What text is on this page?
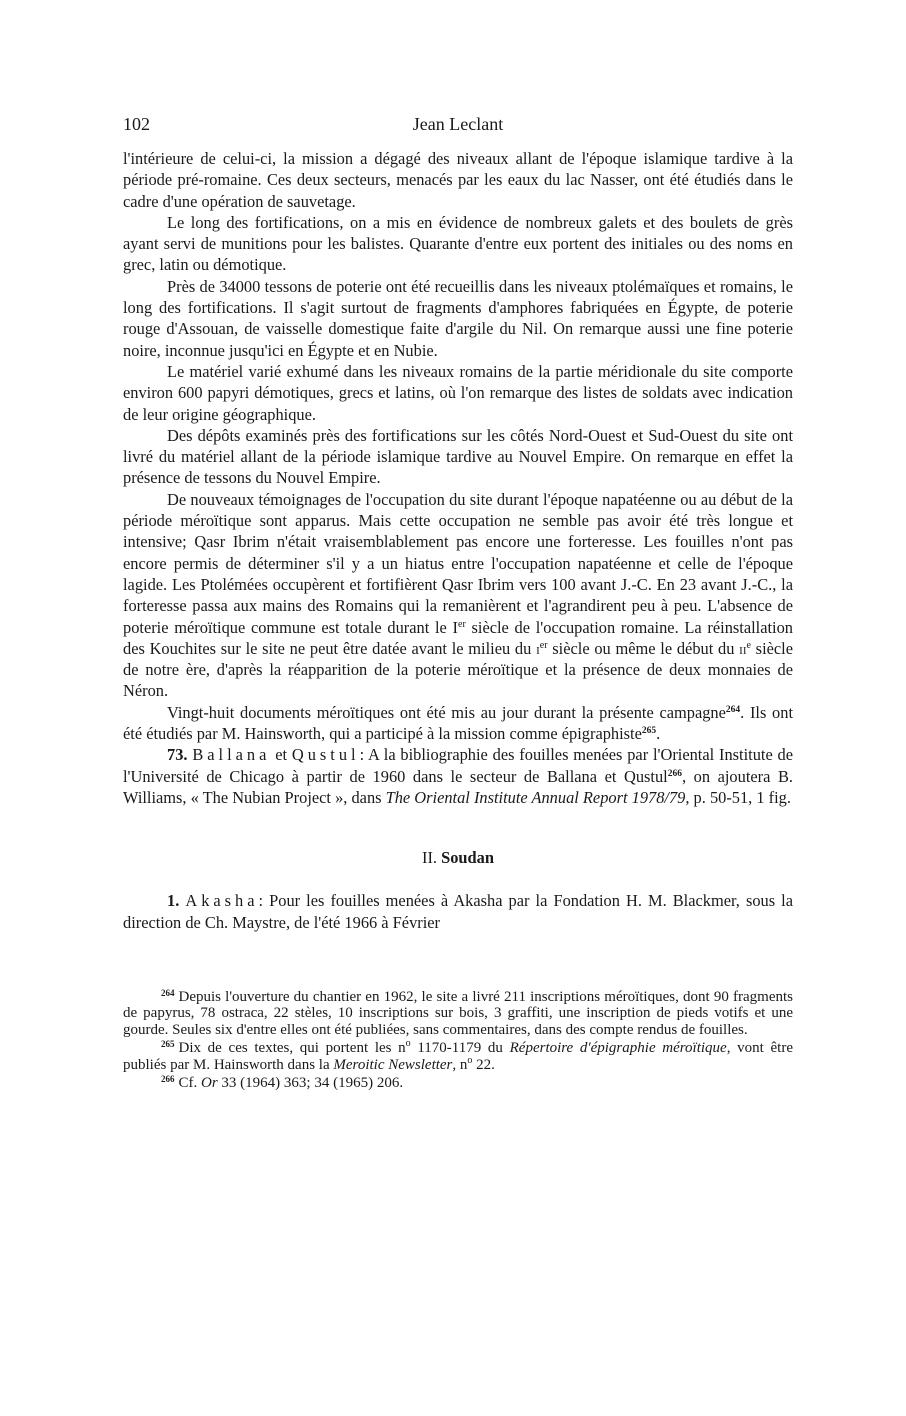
102	Jean Leclant

l'intérieure de celui-ci, la mission a dégagé des niveaux allant de l'époque islamique tardive à la période pré-romaine. Ces deux secteurs, menacés par les eaux du lac Nasser, ont été étudiés dans le cadre d'une opération de sauvetage.

Le long des fortifications, on a mis en évidence de nombreux galets et des boulets de grès ayant servi de munitions pour les balistes. Quarante d'entre eux portent des initiales ou des noms en grec, latin ou démotique.

Près de 34000 tessons de poterie ont été recueillis dans les niveaux ptolémaïques et romains, le long des fortifications. Il s'agit surtout de fragments d'amphores fabriquées en Égypte, de poterie rouge d'Assouan, de vaisselle domestique faite d'argile du Nil. On remarque aussi une fine poterie noire, inconnue jusqu'ici en Égypte et en Nubie.

Le matériel varié exhumé dans les niveaux romains de la partie méridionale du site comporte environ 600 papyri démotiques, grecs et latins, où l'on remarque des listes de soldats avec indication de leur origine géographique.

Des dépôts examinés près des fortifications sur les côtés Nord-Ouest et Sud-Ouest du site ont livré du matériel allant de la période islamique tardive au Nouvel Empire. On remarque en effet la présence de tessons du Nouvel Empire.

De nouveaux témoignages de l'occupation du site durant l'époque napatéenne ou au début de la période méroïtique sont apparus. Mais cette occupation ne semble pas avoir été très longue et intensive; Qasr Ibrim n'était vraisemblablement pas encore une forteresse. Les fouilles n'ont pas encore permis de déterminer s'il y a un hiatus entre l'occupation napatéenne et celle de l'époque lagide. Les Ptolémées occupèrent et fortifièrent Qasr Ibrim vers 100 avant J.-C. En 23 avant J.-C., la forteresse passa aux mains des Romains qui la remanièrent et l'agrandirent peu à peu. L'absence de poterie méroïtique commune est totale durant le Ier siècle de l'occupation romaine. La réinstallation des Kouchites sur le site ne peut être datée avant le milieu du $i^{er}$ siècle ou même le début du $ii^e$ siècle de notre ère, d'après la réapparition de la poterie méroïtique et la présence de deux monnaies de Néron.

Vingt-huit documents méroïtiques ont été mis au jour durant la présente campagne$^{264}$. Ils ont été étudiés par M. Hainsworth, qui a participé à la mission comme épigraphiste$^{265}$.

73. Ballana et Qustul: A la bibliographie des fouilles menées par l'Oriental Institute de l'Université de Chicago à partir de 1960 dans le secteur de Ballana et Qustul$^{266}$, on ajoutera B. Williams, « The Nubian Project », dans The Oriental Institute Annual Report 1978/79, p. 50-51, 1 fig.

II. Soudan

1. Akasha: Pour les fouilles menées à Akasha par la Fondation H. M. Blackmer, sous la direction de Ch. Maystre, de l'été 1966 à Février

$^{264}$ Depuis l'ouverture du chantier en 1962, le site a livré 211 inscriptions méroïtiques, dont 90 fragments de papyrus, 78 ostraca, 22 stèles, 10 inscriptions sur bois, 3 graffiti, une inscription de pieds votifs et une gourde. Seules six d'entre elles ont été publiées, sans commentaires, dans des compte rendus de fouilles.

$^{265}$ Dix de ces textes, qui portent les $n^o$ 1170-1179 du Répertoire d'épigraphie méroïtique, vont être publiés par M. Hainsworth dans la Meroitic Newsletter, $n^o$ 22.

$^{266}$ Cf. Or 33 (1964) 363; 34 (1965) 206.
